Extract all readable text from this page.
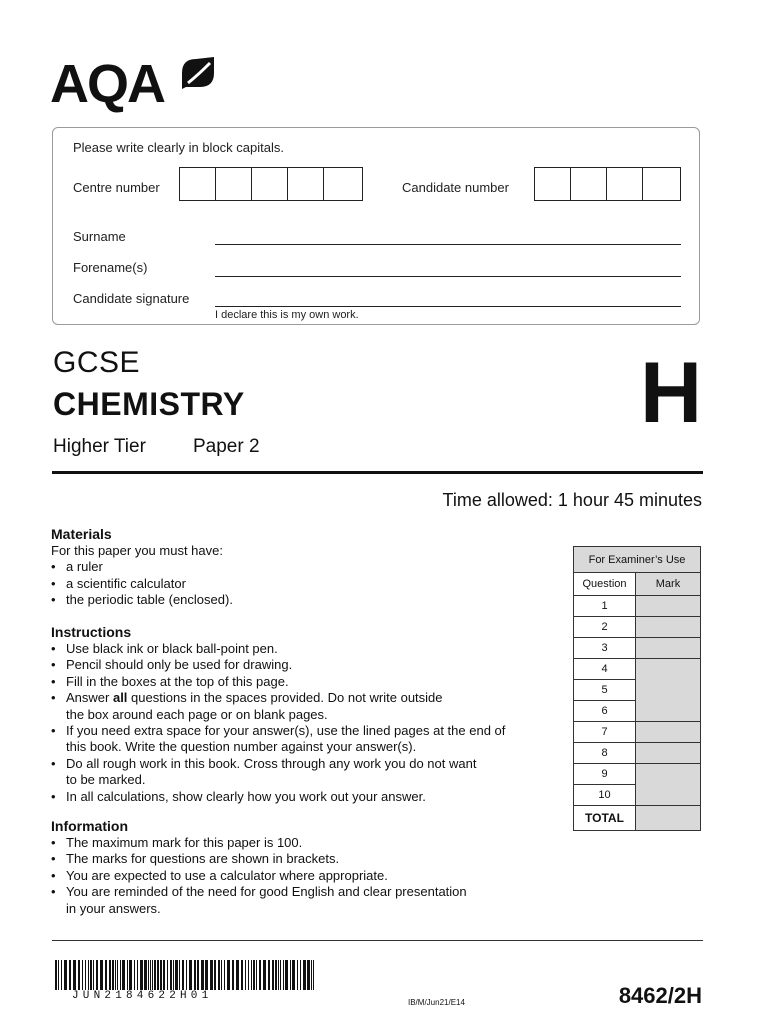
AQA
Please write clearly in block capitals.
Centre number	Candidate number
Surname
Forename(s)
Candidate signature
I declare this is my own work.
GCSE
CHEMISTRY
Higher Tier Paper 2
H
Time allowed: 1 hour 45 minutes
Materials
For this paper you must have:
• a ruler
• a scientific calculator
• the periodic table (enclosed).
Instructions
• Use black ink or black ball-point pen.
• Pencil should only be used for drawing.
• Fill in the boxes at the top of this page.
• Answer all questions in the spaces provided. Do not write outside
the box around each page or on blank pages.
• If you need extra space for your answer(s), use the lined pages at the end of
this book. Write the question number against your answer(s).
• Do all rough work in this book. Cross through any work you do not want
to be marked.
• In all calculations, show clearly how you work out your answer.
Information
• The maximum mark for this paper is 100.
• The marks for questions are shown in brackets.
• You are expected to use a calculator where appropriate.
• You are reminded of the need for good English and clear presentation
in your answers.
For Examiner’s Use	
Question	Mark
1	
2	
3	
4	
5	
6	
7	
8	
9	
10	
TOTAL	
JUN2184622H01
IB/M/Jun21/E14	8462/2H
